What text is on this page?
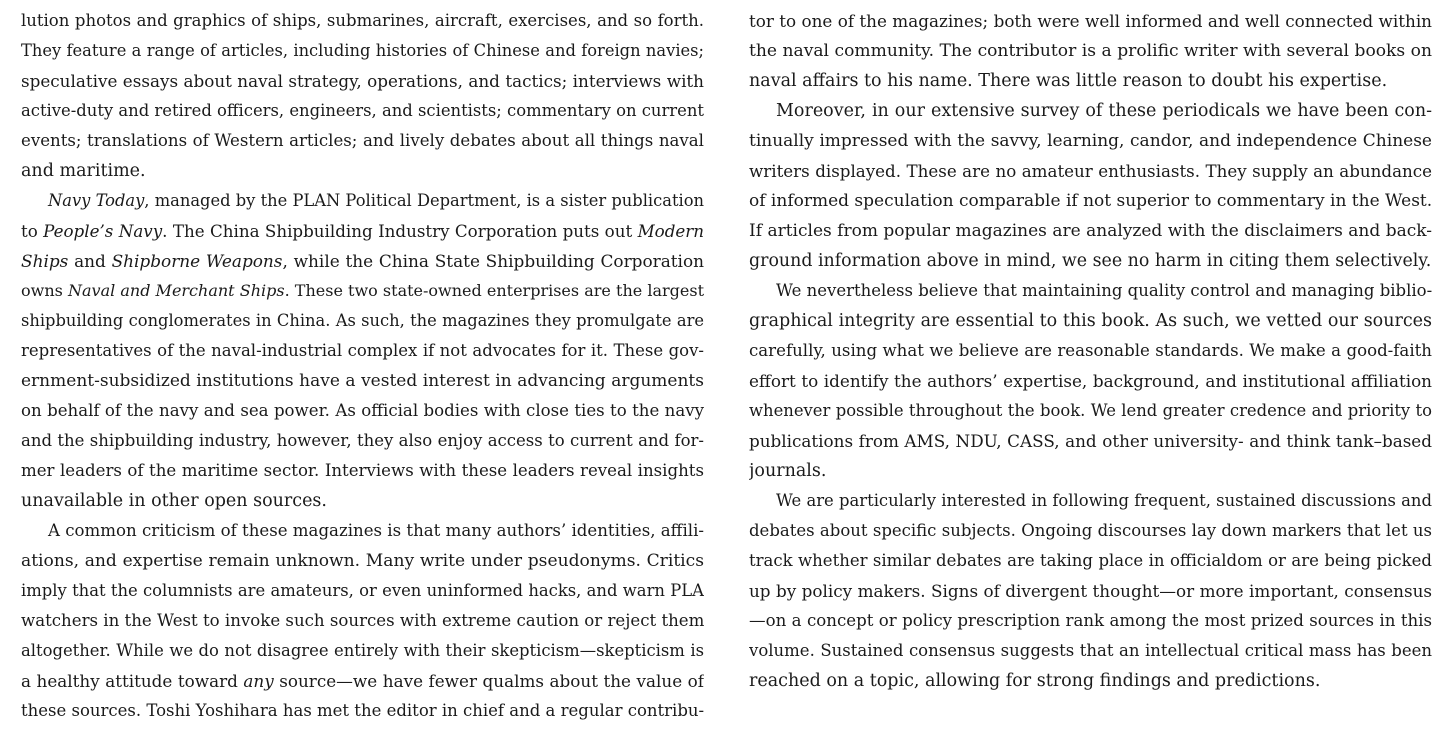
lution photos and graphics of ships, submarines, aircraft, exercises, and so forth.
They feature a range of articles, including histories of Chinese and foreign navies;
speculative essays about naval strategy, operations, and tactics; interviews with
active-duty and retired officers, engineers, and scientists; commentary on current
events; translations of Western articles; and lively debates about all things naval
and maritime.
Navy Today, managed by the PLAN Political Department, is a sister publication
to People’s Navy. The China Shipbuilding Industry Corporation puts out Modern
Ships and Shipborne Weapons, while the China State Shipbuilding Corporation
owns Naval and Merchant Ships. These two state-owned enterprises are the largest
shipbuilding conglomerates in China. As such, the magazines they promulgate are
representatives of the naval-industrial complex if not advocates for it. These gov-
ernment-subsidized institutions have a vested interest in advancing arguments
on behalf of the navy and sea power. As official bodies with close ties to the navy
and the shipbuilding industry, however, they also enjoy access to current and for-
mer leaders of the maritime sector. Interviews with these leaders reveal insights
unavailable in other open sources.
A common criticism of these magazines is that many authors’ identities, affili-
ations, and expertise remain unknown. Many write under pseudonyms. Critics
imply that the columnists are amateurs, or even uninformed hacks, and warn PLA
watchers in the West to invoke such sources with extreme caution or reject them
altogether. While we do not disagree entirely with their skepticism—skepticism is
a healthy attitude toward any source—we have fewer qualms about the value of
these sources. Toshi Yoshihara has met the editor in chief and a regular contribu-
tor to one of the magazines; both were well informed and well connected within
the naval community. The contributor is a prolific writer with several books on
naval affairs to his name. There was little reason to doubt his expertise.
Moreover, in our extensive survey of these periodicals we have been con-
tinually impressed with the savvy, learning, candor, and independence Chinese
writers displayed. These are no amateur enthusiasts. They supply an abundance
of informed speculation comparable if not superior to commentary in the West.
If articles from popular magazines are analyzed with the disclaimers and back-
ground information above in mind, we see no harm in citing them selectively.
We nevertheless believe that maintaining quality control and managing biblio-
graphical integrity are essential to this book. As such, we vetted our sources
carefully, using what we believe are reasonable standards. We make a good-faith
effort to identify the authors’ expertise, background, and institutional affiliation
whenever possible throughout the book. We lend greater credence and priority to
publications from AMS, NDU, CASS, and other university- and think tank–based
journals.
We are particularly interested in following frequent, sustained discussions and
debates about specific subjects. Ongoing discourses lay down markers that let us
track whether similar debates are taking place in officialdom or are being picked
up by policy makers. Signs of divergent thought—or more important, consensus
—on a concept or policy prescription rank among the most prized sources in this
volume. Sustained consensus suggests that an intellectual critical mass has been
reached on a topic, allowing for strong findings and predictions.
